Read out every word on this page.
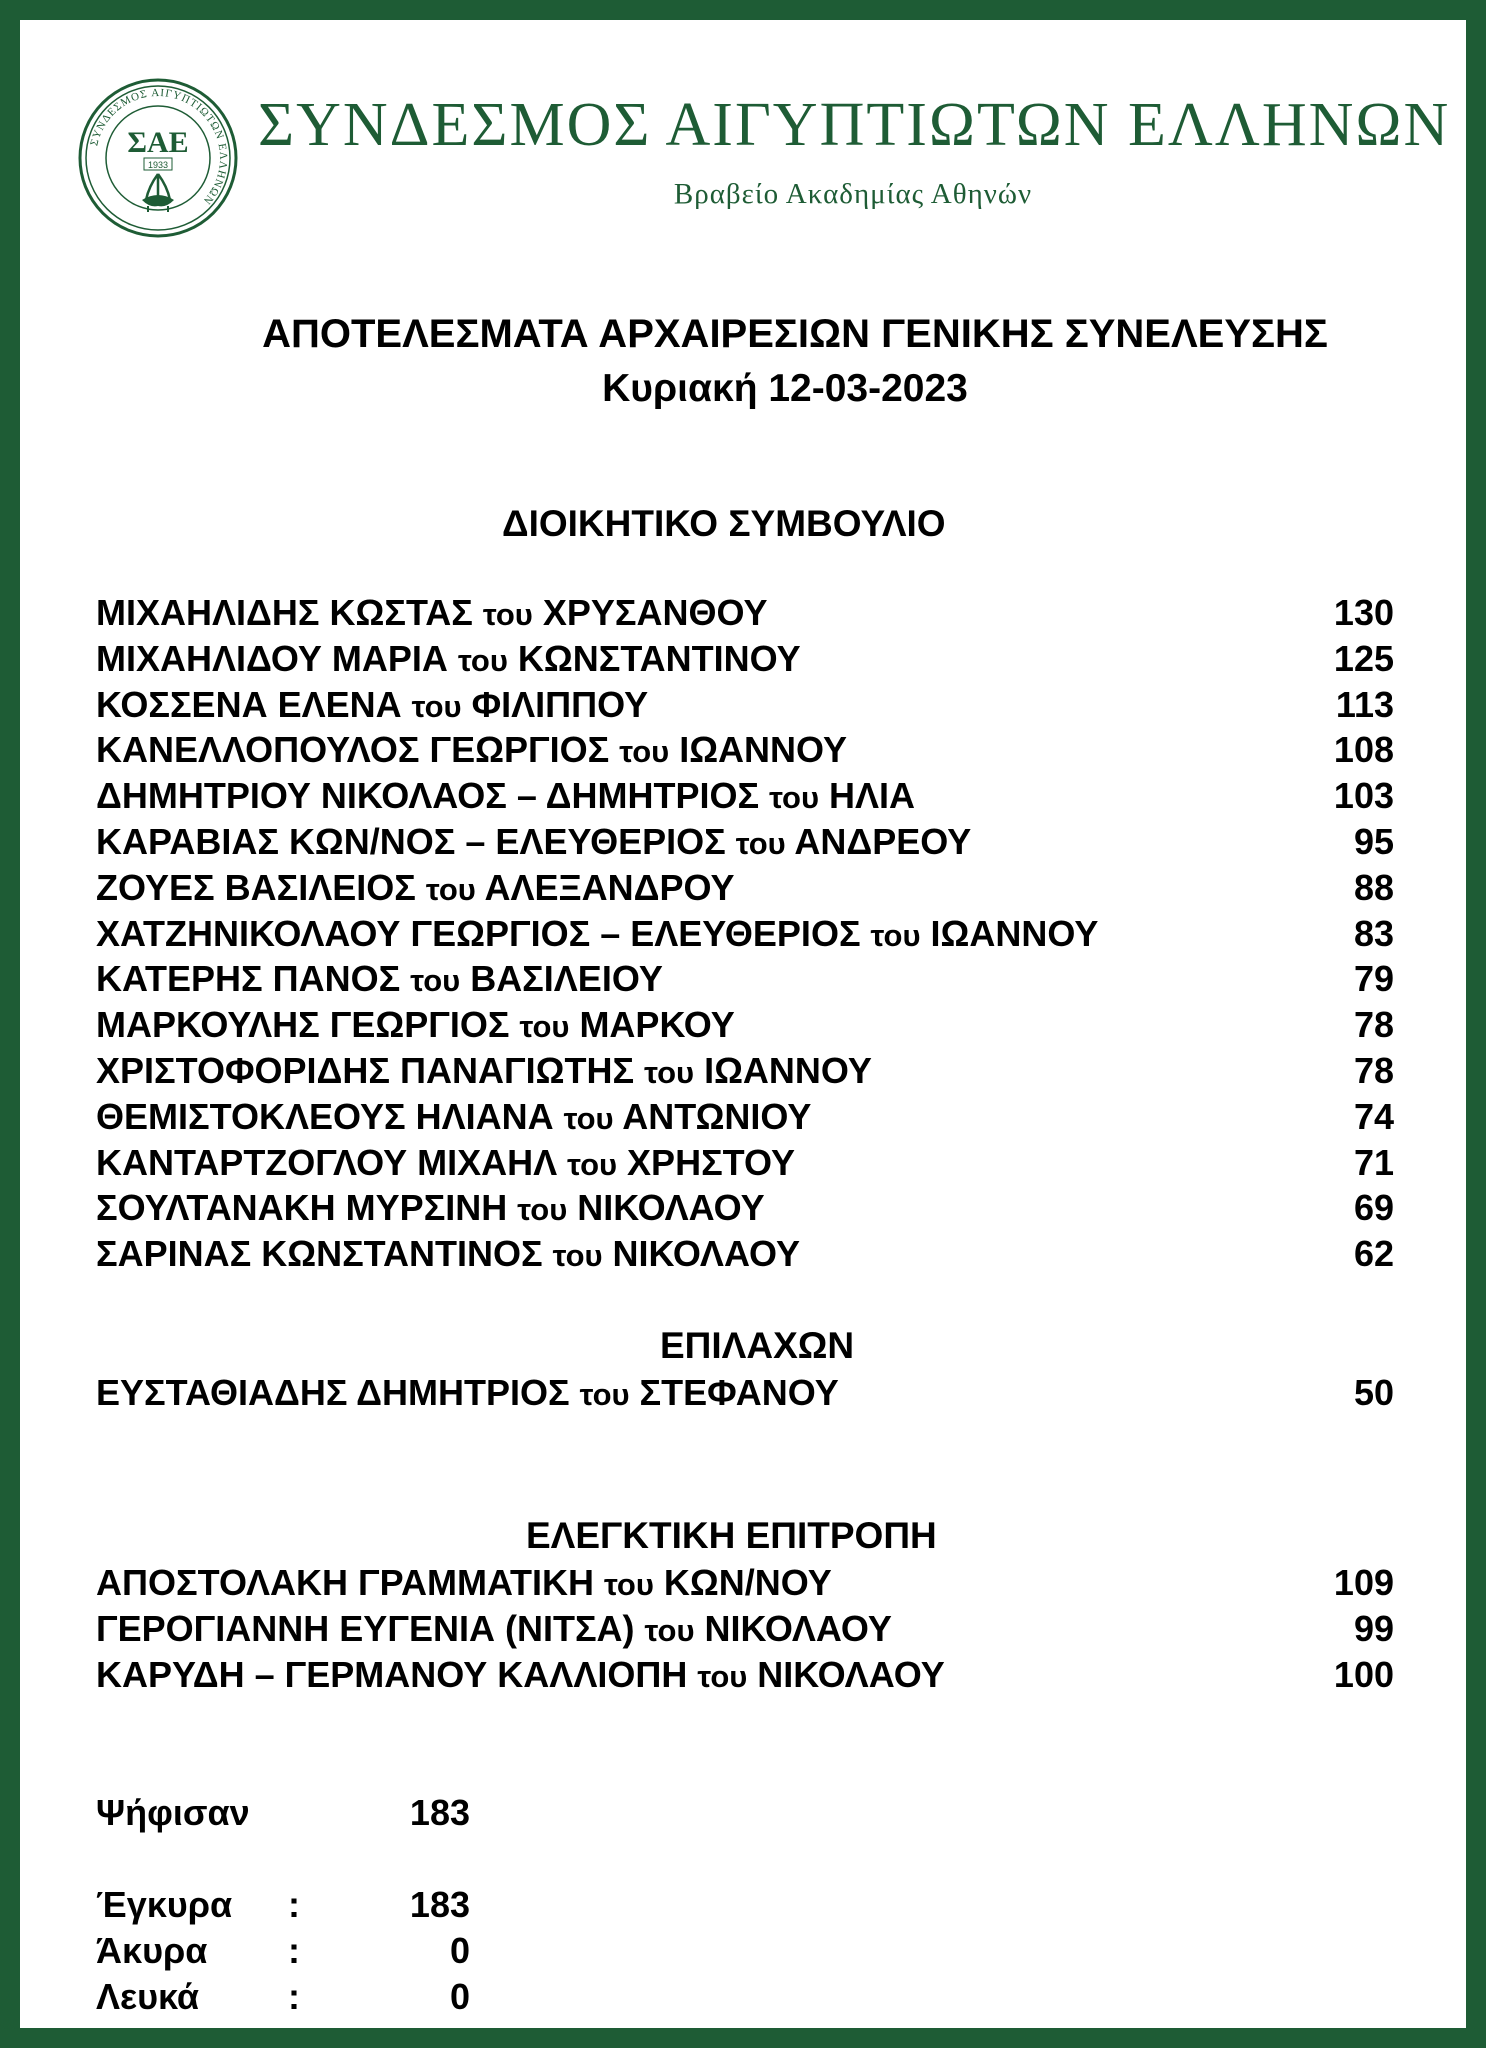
ΣΥΝΔΕΣΜΟΣ ΑΙΓΥΠΤΙΩΤΩΝ ΕΛΛΗΝΩΝ
ΣΑΕ
1933
ΣΥΝΔΕΣΜΟΣ ΑΙΓΥΠΤΙΩΤΩΝ ΕΛΛΗΝΩΝ
Βραβείο Ακαδημίας Αθηνών
ΑΠΟΤΕΛΕΣΜΑΤΑ ΑΡΧΑΙΡΕΣΙΩΝ ΓΕΝΙΚΗΣ ΣΥΝΕΛΕΥΣΗΣ
Κυριακή 12-03-2023
ΔΙΟΙΚΗΤΙΚΟ ΣΥΜΒΟΥΛΙΟ
ΜΙΧΑΗΛΙΔΗΣ ΚΩΣΤΑΣ του ΧΡΥΣΑΝΘΟΥ	130
ΜΙΧΑΗΛΙΔΟΥ ΜΑΡΙΑ του ΚΩΝΣΤΑΝΤΙΝΟΥ	125
ΚΟΣΣΕΝΑ ΕΛΕΝΑ του ΦΙΛΙΠΠΟΥ	113
ΚΑΝΕΛΛΟΠΟΥΛΟΣ ΓΕΩΡΓΙΟΣ του ΙΩΑΝΝΟΥ	108
ΔΗΜΗΤΡΙΟΥ ΝΙΚΟΛΑΟΣ – ΔΗΜΗΤΡΙΟΣ του ΗΛΙΑ	103
ΚΑΡΑΒΙΑΣ ΚΩΝ/ΝΟΣ – ΕΛΕΥΘΕΡΙΟΣ του ΑΝΔΡΕΟΥ	95
ΖΟΥΕΣ ΒΑΣΙΛΕΙΟΣ του ΑΛΕΞΑΝΔΡΟΥ	88
ΧΑΤΖΗΝΙΚΟΛΑΟΥ ΓΕΩΡΓΙΟΣ – ΕΛΕΥΘΕΡΙΟΣ του ΙΩΑΝΝΟΥ	83
ΚΑΤΕΡΗΣ ΠΑΝΟΣ του ΒΑΣΙΛΕΙΟΥ	79
ΜΑΡΚΟΥΛΗΣ ΓΕΩΡΓΙΟΣ του ΜΑΡΚΟΥ	78
ΧΡΙΣΤΟΦΟΡΙΔΗΣ ΠΑΝΑΓΙΩΤΗΣ του ΙΩΑΝΝΟΥ	78
ΘΕΜΙΣΤΟΚΛΕΟΥΣ ΗΛΙΑΝΑ του ΑΝΤΩΝΙΟΥ	74
ΚΑΝΤΑΡΤΖΟΓΛΟΥ ΜΙΧΑΗΛ του ΧΡΗΣΤΟΥ	71
ΣΟΥΛΤΑΝΑΚΗ ΜΥΡΣΙΝΗ του ΝΙΚΟΛΑΟΥ	69
ΣΑΡΙΝΑΣ ΚΩΝΣΤΑΝΤΙΝΟΣ του ΝΙΚΟΛΑΟΥ	62
ΕΠΙΛΑΧΩΝ
ΕΥΣΤΑΘΙΑΔΗΣ ΔΗΜΗΤΡΙΟΣ του ΣΤΕΦΑΝΟΥ	50
ΕΛΕΓΚΤΙΚΗ ΕΠΙΤΡΟΠΗ
ΑΠΟΣΤΟΛΑΚΗ ΓΡΑΜΜΑΤΙΚΗ του ΚΩΝ/ΝΟΥ	109
ΓΕΡΟΓΙΑΝΝΗ ΕΥΓΕΝΙΑ (ΝΙΤΣΑ) του ΝΙΚΟΛΑΟΥ	99
ΚΑΡΥΔΗ – ΓΕΡΜΑΝΟΥ ΚΑΛΛΙΟΠΗ του ΝΙΚΟΛΑΟΥ	100
Ψήφισαν	183
Έγκυρα :	183
Άκυρα :	0
Λευκά :	0
